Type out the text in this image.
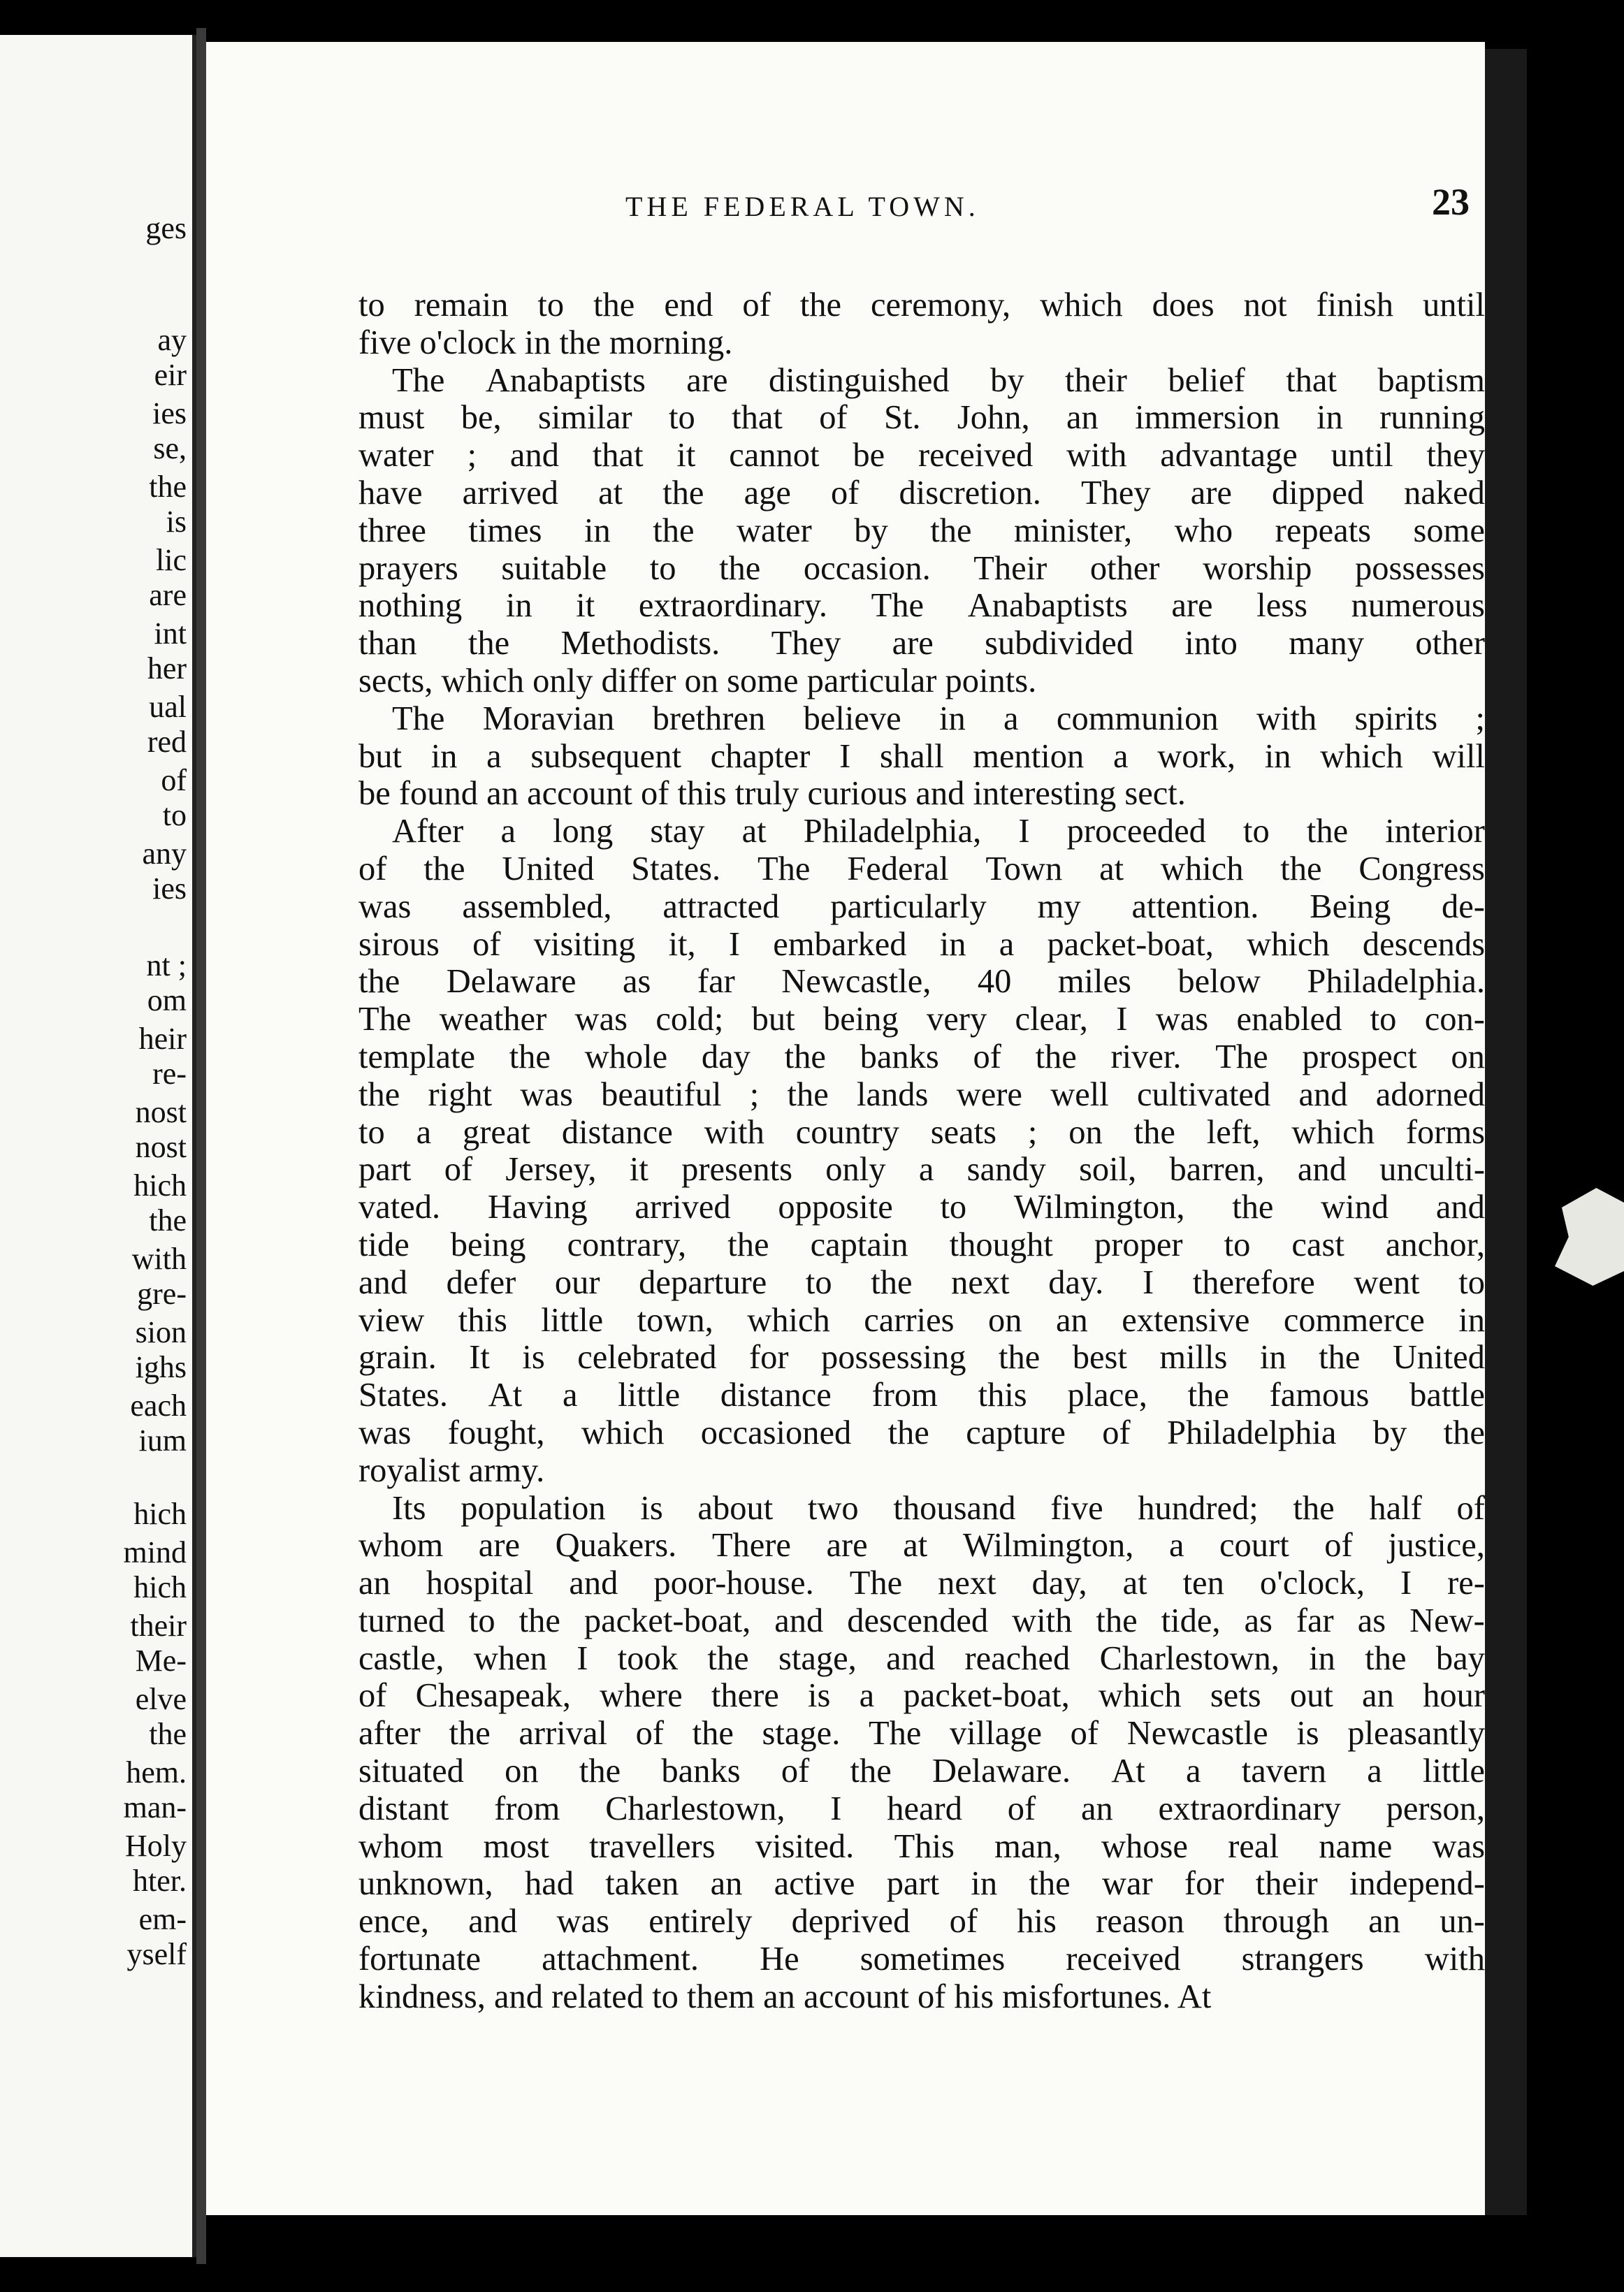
ges

ay

eir

ies

se,

the

is

lic

are

int

her

ual

red

of

to

any

ies

nt ;

om

heir

re-

nost

nost

hich

the

with

gre-

sion

ighs

each

ium

hich

mind

hich

their

Me-

elve

the

hem.

man-

Holy

hter.

em-

yself

THE FEDERAL TOWN.	23

to remain to the end of the ceremony, which does not finish until

five o'clock in the morning.

The Anabaptists are distinguished by their belief that baptism

must be, similar to that of St. John, an immersion in running

water ; and that it cannot be received with advantage until they

have arrived at the age of discretion. They are dipped naked

three times in the water by the minister, who repeats some

prayers suitable to the occasion. Their other worship possesses

nothing in it extraordinary. The Anabaptists are less numerous

than the Methodists. They are subdivided into many other

sects, which only differ on some particular points.

The Moravian brethren believe in a communion with spirits ;

but in a subsequent chapter I shall mention a work, in which will

be found an account of this truly curious and interesting sect.

After a long stay at Philadelphia, I proceeded to the interior

of the United States. The Federal Town at which the Congress

was assembled, attracted particularly my attention. Being de-

sirous of visiting it, I embarked in a packet-boat, which descends

the Delaware as far Newcastle, 40 miles below Philadelphia.

The weather was cold; but being very clear, I was enabled to con-

template the whole day the banks of the river. The prospect on

the right was beautiful ; the lands were well cultivated and adorned

to a great distance with country seats ; on the left, which forms

part of Jersey, it presents only a sandy soil, barren, and unculti-

vated. Having arrived opposite to Wilmington, the wind and

tide being contrary, the captain thought proper to cast anchor,

and defer our departure to the next day. I therefore went to

view this little town, which carries on an extensive commerce in

grain. It is celebrated for possessing the best mills in the United

States. At a little distance from this place, the famous battle

was fought, which occasioned the capture of Philadelphia by the

royalist army.

Its population is about two thousand five hundred; the half of

whom are Quakers. There are at Wilmington, a court of justice,

an hospital and poor-house. The next day, at ten o'clock, I re-

turned to the packet-boat, and descended with the tide, as far as New-

castle, when I took the stage, and reached Charlestown, in the bay

of Chesapeak, where there is a packet-boat, which sets out an hour

after the arrival of the stage. The village of Newcastle is pleasantly

situated on the banks of the Delaware. At a tavern a little

distant from Charlestown, I heard of an extraordinary person,

whom most travellers visited. This man, whose real name was

unknown, had taken an active part in the war for their independ-

ence, and was entirely deprived of his reason through an un-

fortunate attachment. He sometimes received strangers with

kindness, and related to them an account of his misfortunes. At
